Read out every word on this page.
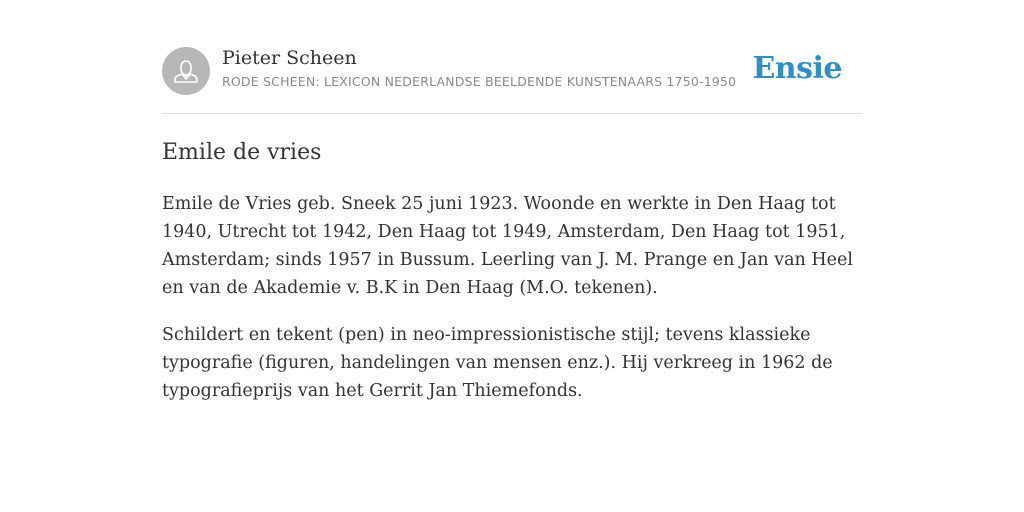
Pieter Scheen
RODE SCHEEN: LEXICON NEDERLANDSE BEELDENDE KUNSTENAARS 1750-1950 Ensie
Emile de vries

Emile de Vries geb. Sneek 25 juni 1923. Woonde en werkte in Den Haag tot 1940, Utrecht tot 1942, Den Haag tot 1949, Amsterdam, Den Haag tot 1951, Amsterdam; sinds 1957 in Bussum. Leerling van J. M. Prange en Jan van Heel en van de Akademie v. B.K in Den Haag (M.O. tekenen).

Schildert en tekent (pen) in neo-impressionistische stijl; tevens klassieke typografie (figuren, handelingen van mensen enz.). Hij verkreeg in 1962 de typografieprijs van het Gerrit Jan Thiemefonds.
